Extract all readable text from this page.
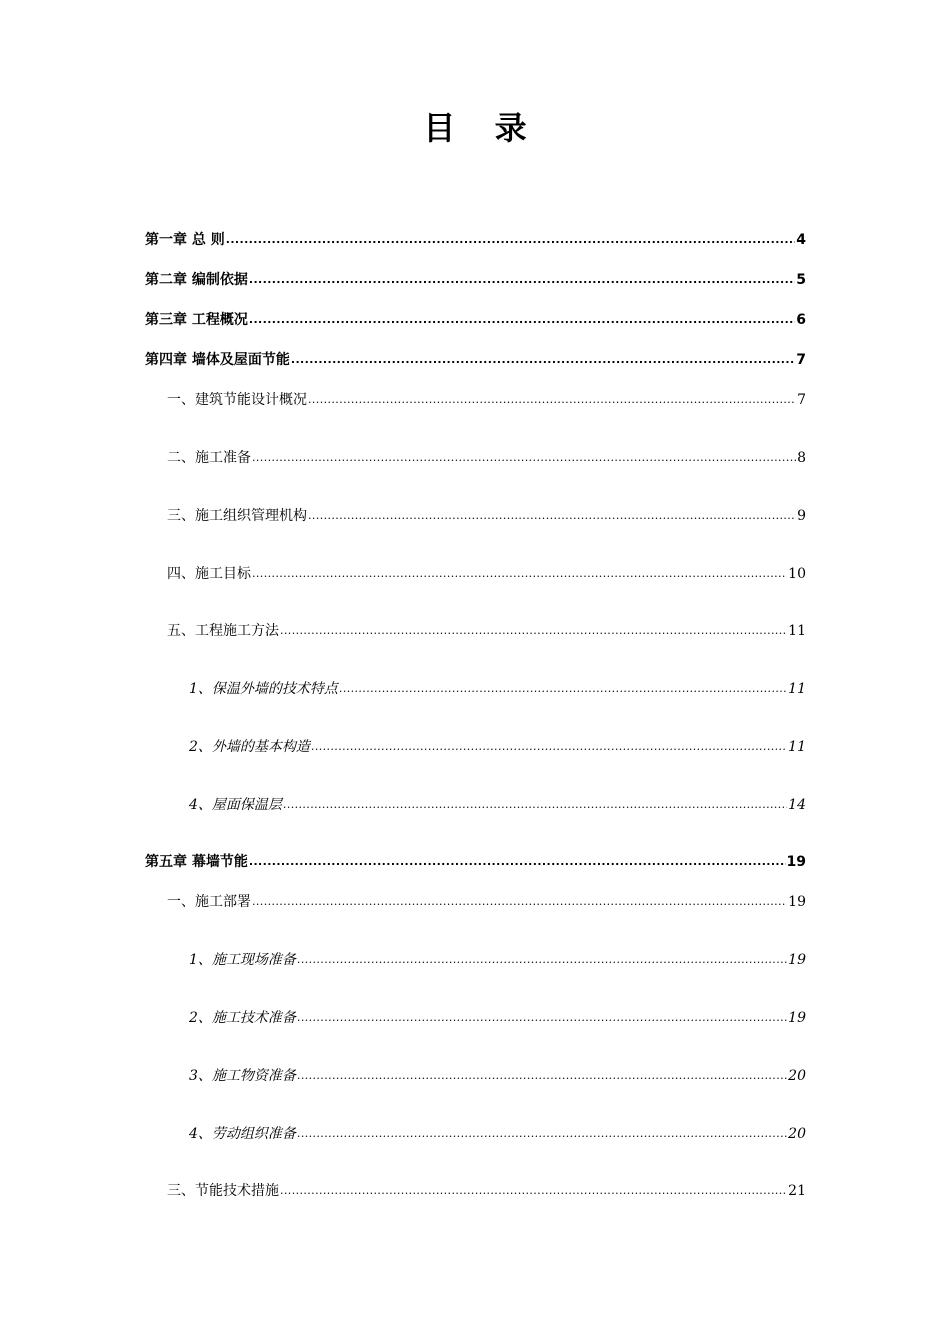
目 录
第一章 总 则 .....	4
第二章 编制依据 .....	5
第三章 工程概况 .....	6
第四章 墙体及屋面节能 .....	7
一、建筑节能设计概况 .....	7
二、施工准备 .....	8
三、施工组织管理机构 .....	9
四、施工目标 .....	10
五、工程施工方法 .....	11
1、保温外墙的技术特点 .....	11
2、外墙的基本构造 .....	11
4、屋面保温层 .....	14
第五章 幕墙节能 .....	19
一、施工部署 .....	19
1、施工现场准备 .....	19
2、施工技术准备 .....	19
3、施工物资准备 .....	20
4、劳动组织准备 .....	20
三、节能技术措施 .....	21
